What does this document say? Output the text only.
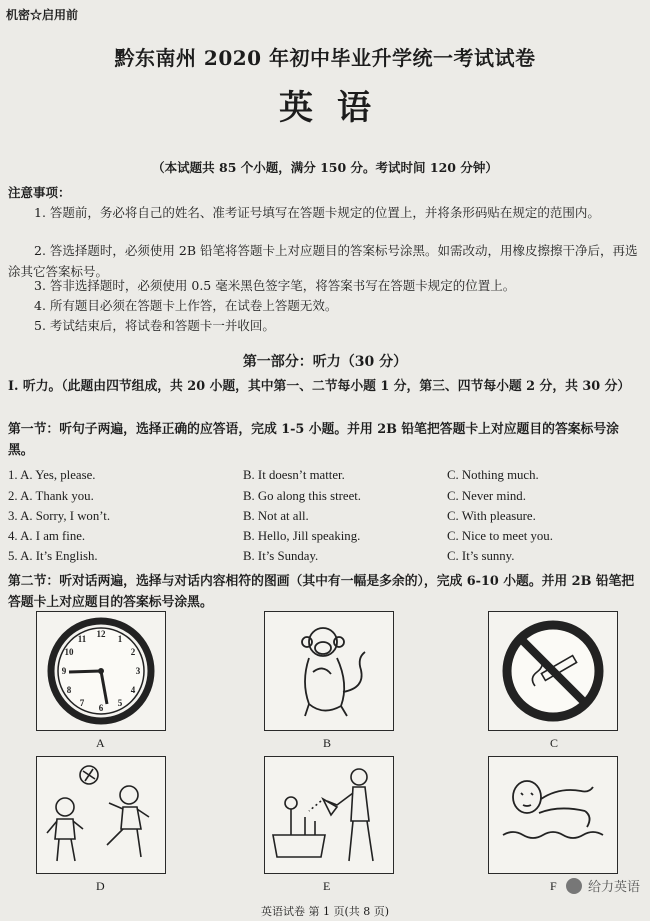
机密☆启用前
黔东南州 2020 年初中毕业升学统一考试试卷
英语
（本试题共 85 个小题，满分 150 分。考试时间 120 分钟）
注意事项：
1. 答题前，务必将自己的姓名、准考证号填写在答题卡规定的位置上，并将条形码贴在规定的范围内。
2. 答选择题时，必须使用 2B 铅笔将答题卡上对应题目的答案标号涂黑。如需改动，用橡皮擦擦干净后，再选涂其它答案标号。
3. 答非选择题时，必须使用 0.5 毫米黑色签字笔，将答案书写在答题卡规定的位置上。
4. 所有题目必须在答题卡上作答，在试卷上答题无效。
5. 考试结束后，将试卷和答题卡一并收回。
第一部分：听力（30 分）
Ⅰ. 听力。（此题由四节组成，共 20 小题，其中第一、二节每小题 1 分，第三、四节每小题 2 分，共 30 分）
第一节：听句子两遍，选择正确的应答语，完成 1-5 小题。并用 2B 铅笔把答题卡上对应题目的答案标号涂黑。
1. A. Yes, please.	B. It doesn’t matter.	C. Nothing much.
2. A. Thank you.	B. Go along this street.	C. Never mind.
3. A. Sorry, I won’t.	B. Not at all.	C. With pleasure.
4. A. I am fine.	B. Hello, Jill speaking.	C. Nice to meet you.
5. A. It’s English.	B. It’s Sunday.	C. It’s sunny.
第二节：听对话两遍，选择与对话内容相符的图画（其中有一幅是多余的），完成 6-10 小题。并用 2B 铅笔把答题卡上对应题目的答案标号涂黑。
12 1
2
3
4
5
6
7
8
9
10
11
A	B	C
D	E	F 给力英语
英语试卷 第 1 页(共 8 页)
